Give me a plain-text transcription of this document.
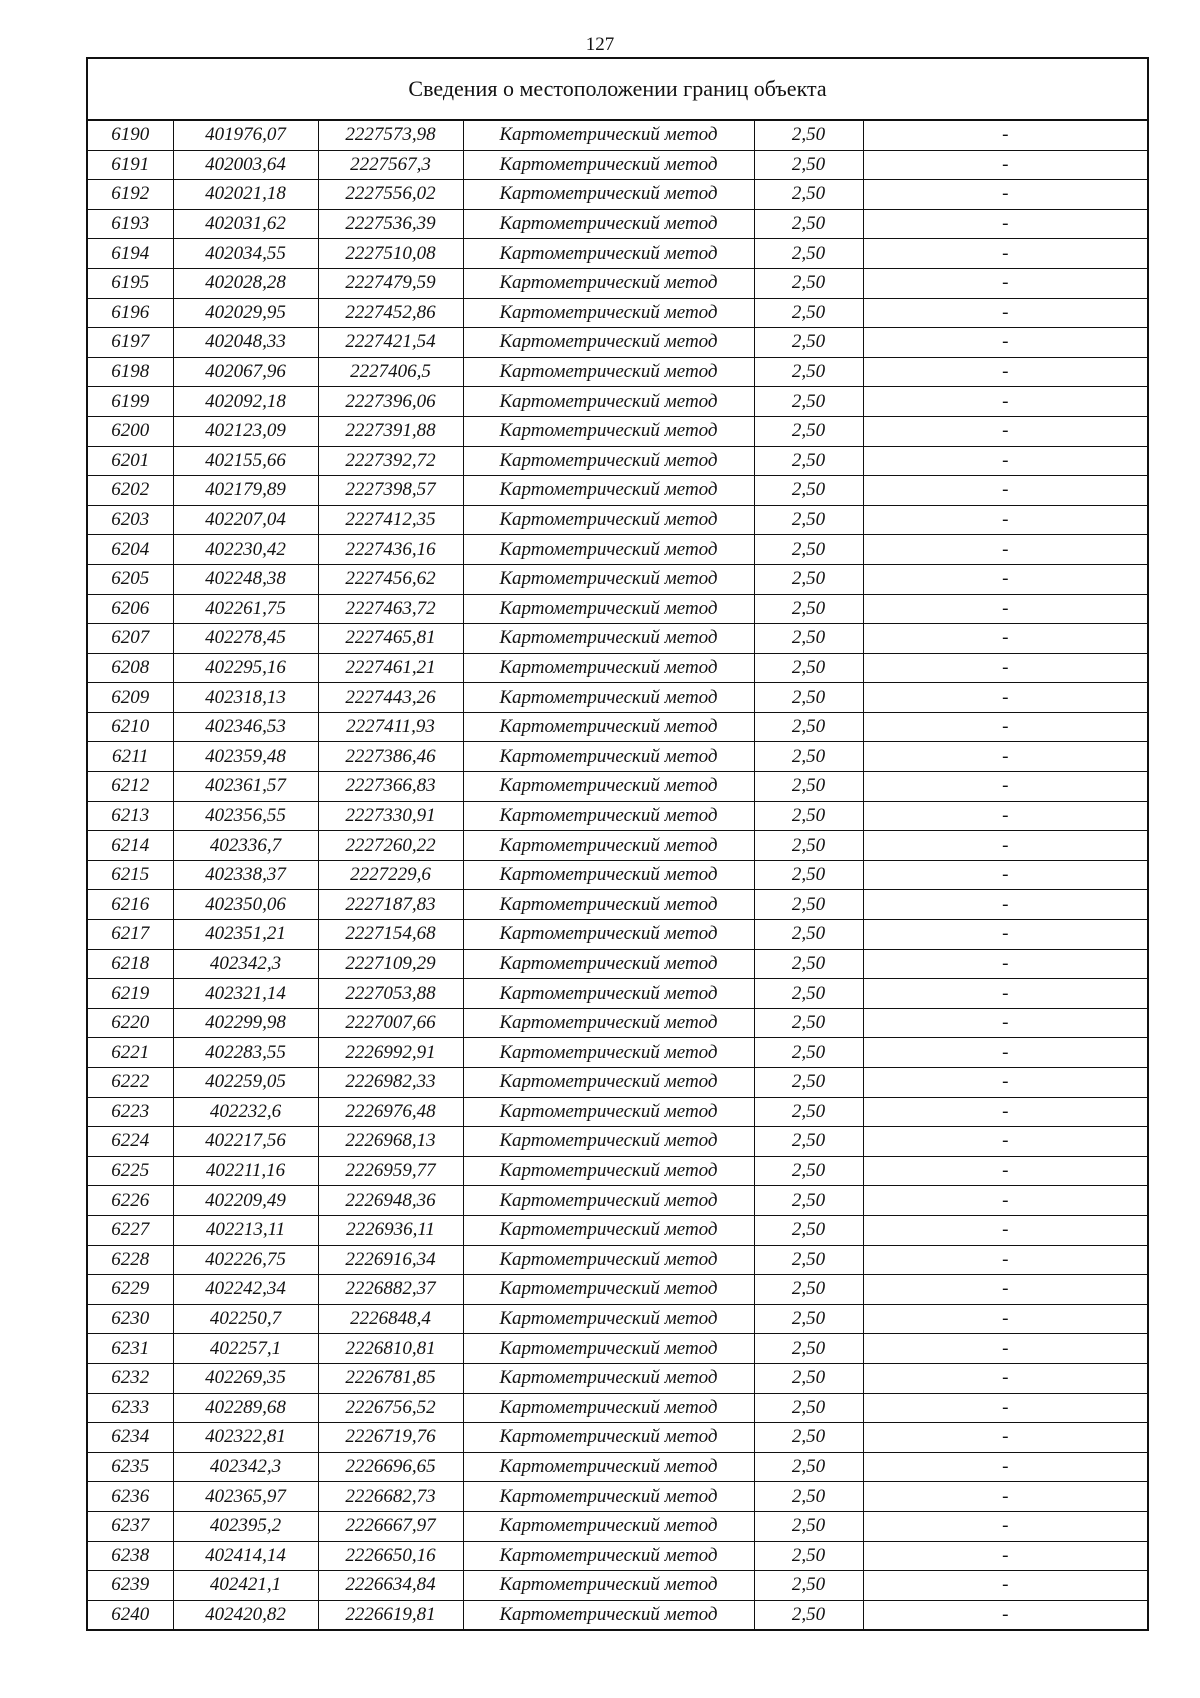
127
Сведения о местоположении границ объекта					
6190	401976,07	2227573,98	Картометрический метод	2,50	-
6191	402003,64	2227567,3	Картометрический метод	2,50	-
6192	402021,18	2227556,02	Картометрический метод	2,50	-
6193	402031,62	2227536,39	Картометрический метод	2,50	-
6194	402034,55	2227510,08	Картометрический метод	2,50	-
6195	402028,28	2227479,59	Картометрический метод	2,50	-
6196	402029,95	2227452,86	Картометрический метод	2,50	-
6197	402048,33	2227421,54	Картометрический метод	2,50	-
6198	402067,96	2227406,5	Картометрический метод	2,50	-
6199	402092,18	2227396,06	Картометрический метод	2,50	-
6200	402123,09	2227391,88	Картометрический метод	2,50	-
6201	402155,66	2227392,72	Картометрический метод	2,50	-
6202	402179,89	2227398,57	Картометрический метод	2,50	-
6203	402207,04	2227412,35	Картометрический метод	2,50	-
6204	402230,42	2227436,16	Картометрический метод	2,50	-
6205	402248,38	2227456,62	Картометрический метод	2,50	-
6206	402261,75	2227463,72	Картометрический метод	2,50	-
6207	402278,45	2227465,81	Картометрический метод	2,50	-
6208	402295,16	2227461,21	Картометрический метод	2,50	-
6209	402318,13	2227443,26	Картометрический метод	2,50	-
6210	402346,53	2227411,93	Картометрический метод	2,50	-
6211	402359,48	2227386,46	Картометрический метод	2,50	-
6212	402361,57	2227366,83	Картометрический метод	2,50	-
6213	402356,55	2227330,91	Картометрический метод	2,50	-
6214	402336,7	2227260,22	Картометрический метод	2,50	-
6215	402338,37	2227229,6	Картометрический метод	2,50	-
6216	402350,06	2227187,83	Картометрический метод	2,50	-
6217	402351,21	2227154,68	Картометрический метод	2,50	-
6218	402342,3	2227109,29	Картометрический метод	2,50	-
6219	402321,14	2227053,88	Картометрический метод	2,50	-
6220	402299,98	2227007,66	Картометрический метод	2,50	-
6221	402283,55	2226992,91	Картометрический метод	2,50	-
6222	402259,05	2226982,33	Картометрический метод	2,50	-
6223	402232,6	2226976,48	Картометрический метод	2,50	-
6224	402217,56	2226968,13	Картометрический метод	2,50	-
6225	402211,16	2226959,77	Картометрический метод	2,50	-
6226	402209,49	2226948,36	Картометрический метод	2,50	-
6227	402213,11	2226936,11	Картометрический метод	2,50	-
6228	402226,75	2226916,34	Картометрический метод	2,50	-
6229	402242,34	2226882,37	Картометрический метод	2,50	-
6230	402250,7	2226848,4	Картометрический метод	2,50	-
6231	402257,1	2226810,81	Картометрический метод	2,50	-
6232	402269,35	2226781,85	Картометрический метод	2,50	-
6233	402289,68	2226756,52	Картометрический метод	2,50	-
6234	402322,81	2226719,76	Картометрический метод	2,50	-
6235	402342,3	2226696,65	Картометрический метод	2,50	-
6236	402365,97	2226682,73	Картометрический метод	2,50	-
6237	402395,2	2226667,97	Картометрический метод	2,50	-
6238	402414,14	2226650,16	Картометрический метод	2,50	-
6239	402421,1	2226634,84	Картометрический метод	2,50	-
6240	402420,82	2226619,81	Картометрический метод	2,50	-
